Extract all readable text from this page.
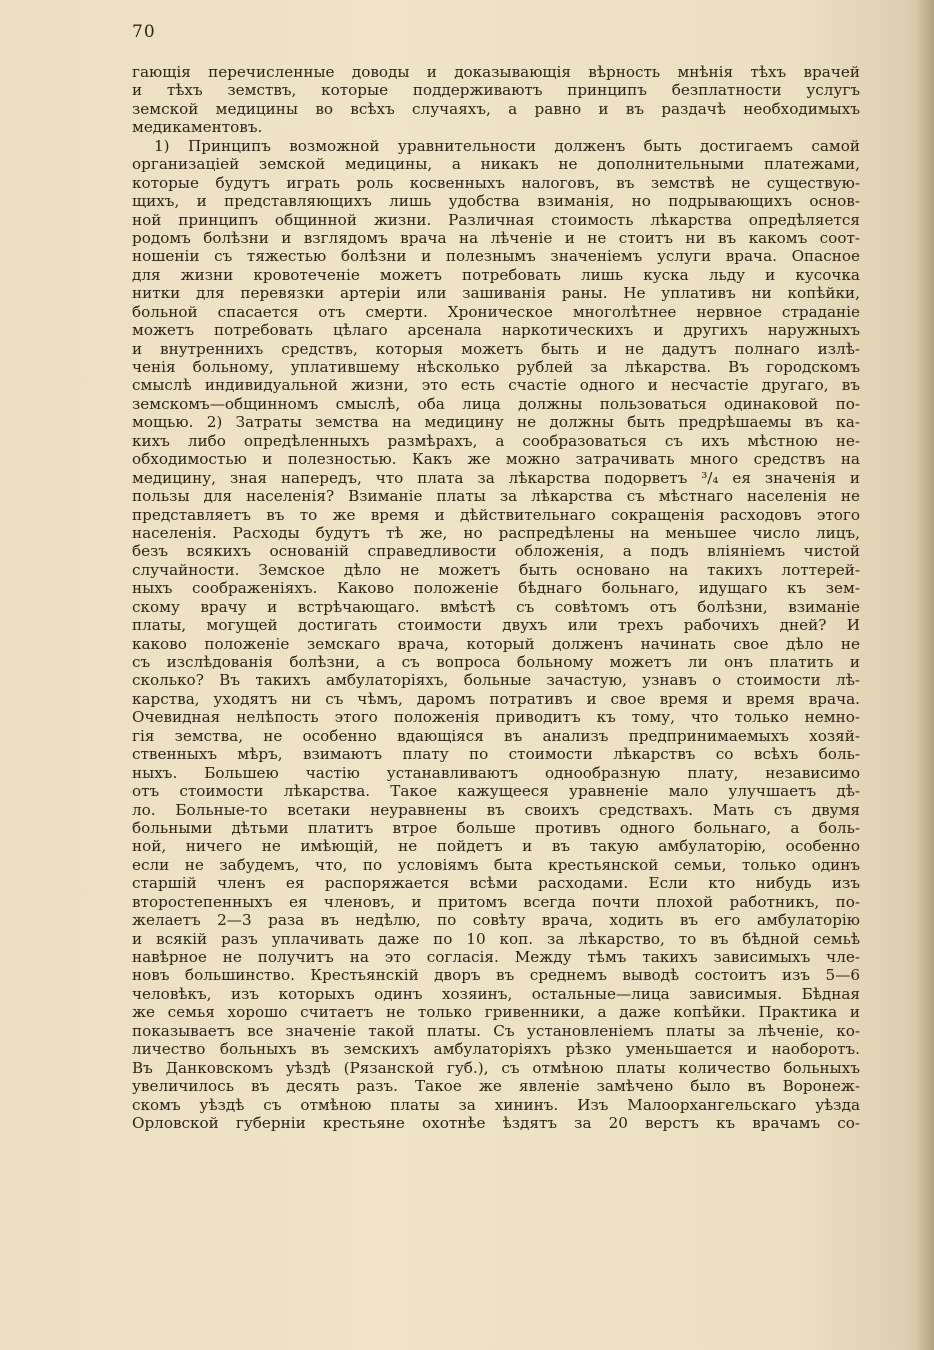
70
гающія перечисленные доводы и доказывающія вѣрность мнѣнія тѣхъ врачей
и тѣхъ земствъ, которые поддерживаютъ принципъ безплатности услугъ
земской медицины во всѣхъ случаяхъ, а равно и въ раздачѣ необходимыхъ
медикаментовъ.
1) Принципъ возможной уравнительности долженъ быть достигаемъ самой
организаціей земской медицины, а никакъ не дополнительными платежами,
которые будутъ играть роль косвенныхъ налоговъ, въ земствѣ не существую-
щихъ, и представляющихъ лишь удобства взиманія, но подрывающихъ основ-
ной принципъ общинной жизни. Различная стоимость лѣкарства опредѣляется
родомъ болѣзни и взглядомъ врача на лѣченіе и не стоитъ ни въ какомъ соот-
ношеніи съ тяжестью болѣзни и полезнымъ значеніемъ услуги врача. Опасное
для жизни кровотеченіе можетъ потребовать лишь куска льду и кусочка
нитки для перевязки артеріи или зашиванія раны. Не уплативъ ни копѣйки,
больной спасается отъ смерти. Хроническое многолѣтнее нервное страданіе
можетъ потребовать цѣлаго арсенала наркотическихъ и другихъ наружныхъ
и внутреннихъ средствъ, которыя можетъ быть и не дадутъ полнаго излѣ-
ченія больному, уплатившему нѣсколько рублей за лѣкарства. Въ городскомъ
смыслѣ индивидуальной жизни, это есть счастіе одного и несчастіе другаго, въ
земскомъ—общинномъ смыслѣ, оба лица должны пользоваться одинаковой по-
мощью. 2) Затраты земства на медицину не должны быть предрѣшаемы въ ка-
кихъ либо опредѣленныхъ размѣрахъ, а сообразоваться съ ихъ мѣстною не-
обходимостью и полезностью. Какъ же можно затрачивать много средствъ на
медицину, зная напередъ, что плата за лѣкарства подорветъ ³/₄ ея значенія и
пользы для населенія? Взиманіе платы за лѣкарства съ мѣстнаго населенія не
представляетъ въ то же время и дѣйствительнаго сокращенія расходовъ этого
населенія. Расходы будутъ тѣ же, но распредѣлены на меньшее число лицъ,
безъ всякихъ основаній справедливости обложенія, а подъ вліяніемъ чистой
случайности. Земское дѣло не можетъ быть основано на такихъ лоттерей-
ныхъ соображеніяхъ. Каково положеніе бѣднаго больнаго, идущаго къ зем-
скому врачу и встрѣчающаго. вмѣстѣ съ совѣтомъ отъ болѣзни, взиманіе
платы, могущей достигать стоимости двухъ или трехъ рабочихъ дней? И
каково положеніе земскаго врача, который долженъ начинать свое дѣло не
съ изслѣдованія болѣзни, а съ вопроса больному можетъ ли онъ платить и
сколько? Въ такихъ амбулаторіяхъ, больные зачастую, узнавъ о стоимости лѣ-
карства, уходятъ ни съ чѣмъ, даромъ потративъ и свое время и время врача.
Очевидная нелѣпость этого положенія приводитъ къ тому, что только немно-
гія земства, не особенно вдающіяся въ анализъ предпринимаемыхъ хозяй-
ственныхъ мѣръ, взимаютъ плату по стоимости лѣкарствъ со всѣхъ боль-
ныхъ. Большею частію устанавливаютъ однообразную плату, независимо
отъ стоимости лѣкарства. Такое кажущееся уравненіе мало улучшаетъ дѣ-
ло. Больные-то всетаки неуравнены въ своихъ средствахъ. Мать съ двумя
больными дѣтьми платитъ втрое больше противъ одного больнаго, а боль-
ной, ничего не имѣющій, не пойдетъ и въ такую амбулаторію, особенно
если не забудемъ, что, по условіямъ быта крестьянской семьи, только одинъ
старшій членъ ея распоряжается всѣми расходами. Если кто нибудь изъ
второстепенныхъ ея членовъ, и притомъ всегда почти плохой работникъ, по-
желаетъ 2—3 раза въ недѣлю, по совѣту врача, ходить въ его амбулаторію
и всякій разъ уплачивать даже по 10 коп. за лѣкарство, то въ бѣдной семьѣ
навѣрное не получитъ на это согласія. Между тѣмъ такихъ зависимыхъ чле-
новъ большинство. Крестьянскій дворъ въ среднемъ выводѣ состоитъ изъ 5—6
человѣкъ, изъ которыхъ одинъ хозяинъ, остальные—лица зависимыя. Бѣдная
же семья хорошо считаетъ не только гривенники, а даже копѣйки. Практика и
показываетъ все значеніе такой платы. Съ установленіемъ платы за лѣченіе, ко-
личество больныхъ въ земскихъ амбулаторіяхъ рѣзко уменьшается и наоборотъ.
Въ Данковскомъ уѣздѣ (Рязанской губ.), съ отмѣною платы количество больныхъ
увеличилось въ десять разъ. Такое же явленіе замѣчено было въ Воронеж-
скомъ уѣздѣ съ отмѣною платы за хининъ. Изъ Малоорхангельскаго уѣзда
Орловской губерніи крестьяне охотнѣе ѣздятъ за 20 верстъ къ врачамъ со-
